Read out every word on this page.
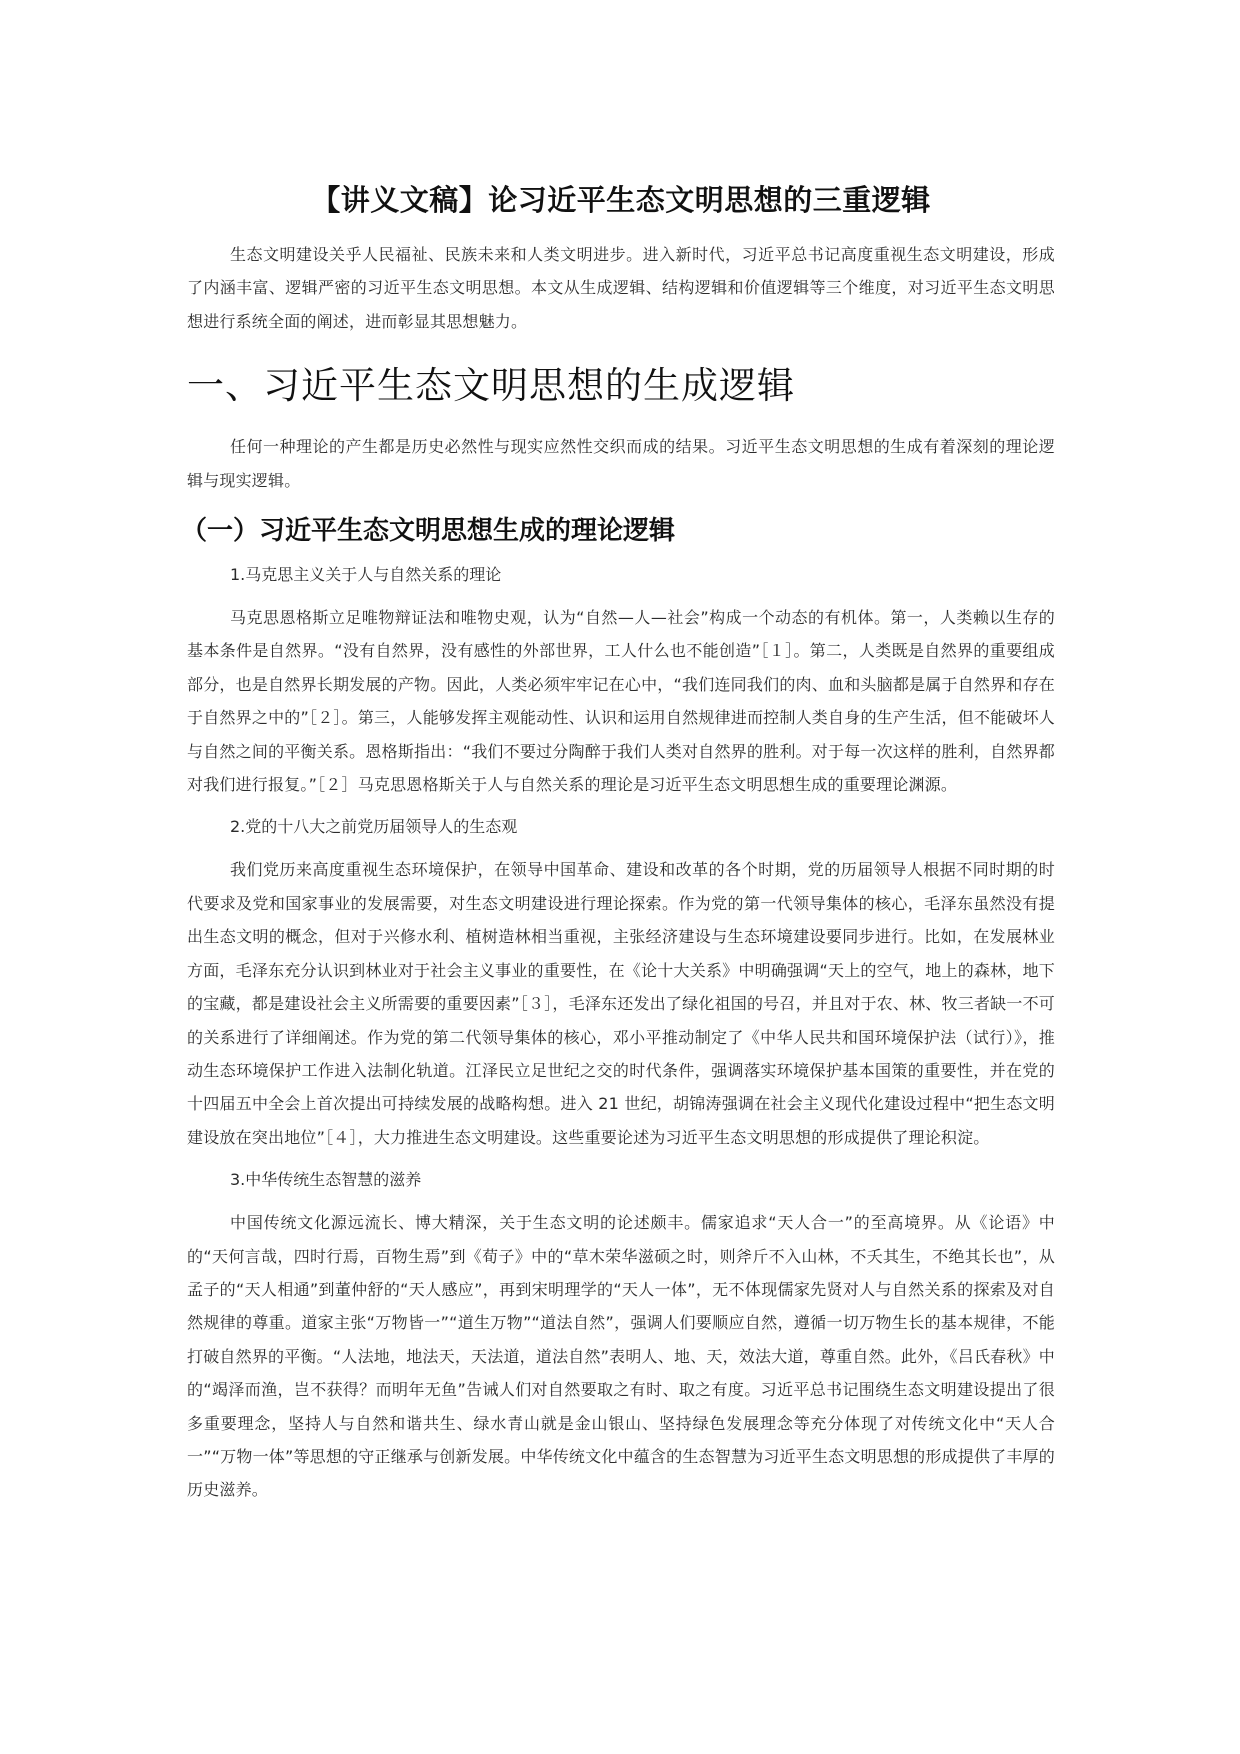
【讲义文稿】论习近平生态文明思想的三重逻辑

生态文明建设关乎人民福祉、民族未来和人类文明进步。进入新时代，习近平总书记高度重视生态文明建设，形成了内涵丰富、逻辑严密的习近平生态文明思想。本文从生成逻辑、结构逻辑和价值逻辑等三个维度，对习近平生态文明思想进行系统全面的阐述，进而彰显其思想魅力。

一、习近平生态文明思想的生成逻辑

任何一种理论的产生都是历史必然性与现实应然性交织而成的结果。习近平生态文明思想的生成有着深刻的理论逻辑与现实逻辑。

（一）习近平生态文明思想生成的理论逻辑
1.马克思主义关于人与自然关系的理论

马克思恩格斯立足唯物辩证法和唯物史观，认为“自然—人—社会”构成一个动态的有机体。第一，人类赖以生存的基本条件是自然界。“没有自然界，没有感性的外部世界，工人什么也不能创造”［１］。第二，人类既是自然界的重要组成部分，也是自然界长期发展的产物。因此，人类必须牢牢记在心中，“我们连同我们的肉、血和头脑都是属于自然界和存在于自然界之中的”［２］。第三，人能够发挥主观能动性、认识和运用自然规律进而控制人类自身的生产生活，但不能破坏人与自然之间的平衡关系。恩格斯指出：“我们不要过分陶醉于我们人类对自然界的胜利。对于每一次这样的胜利，自然界都对我们进行报复。”［２］马克思恩格斯关于人与自然关系的理论是习近平生态文明思想生成的重要理论渊源。

2.党的十八大之前党历届领导人的生态观

我们党历来高度重视生态环境保护，在领导中国革命、建设和改革的各个时期，党的历届领导人根据不同时期的时代要求及党和国家事业的发展需要，对生态文明建设进行理论探索。作为党的第一代领导集体的核心，毛泽东虽然没有提出生态文明的概念，但对于兴修水利、植树造林相当重视，主张经济建设与生态环境建设要同步进行。比如，在发展林业方面，毛泽东充分认识到林业对于社会主义事业的重要性，在《论十大关系》中明确强调“天上的空气，地上的森林，地下的宝藏，都是建设社会主义所需要的重要因素”［３］，毛泽东还发出了绿化祖国的号召，并且对于农、林、牧三者缺一不可的关系进行了详细阐述。作为党的第二代领导集体的核心，邓小平推动制定了《中华人民共和国环境保护法（试行）》，推动生态环境保护工作进入法制化轨道。江泽民立足世纪之交的时代条件，强调落实环境保护基本国策的重要性，并在党的十四届五中全会上首次提出可持续发展的战略构想。进入 21 世纪，胡锦涛强调在社会主义现代化建设过程中“把生态文明建设放在突出地位”［４］，大力推进生态文明建设。这些重要论述为习近平生态文明思想的形成提供了理论积淀。

3.中华传统生态智慧的滋养

中国传统文化源远流长、博大精深，关于生态文明的论述颇丰。儒家追求“天人合一”的至高境界。从《论语》中的“天何言哉，四时行焉，百物生焉”到《荀子》中的“草木荣华滋硕之时，则斧斤不入山林，不夭其生，不绝其长也”，从孟子的“天人相通”到董仲舒的“天人感应”，再到宋明理学的“天人一体”，无不体现儒家先贤对人与自然关系的探索及对自然规律的尊重。道家主张“万物皆一”“道生万物”“道法自然”，强调人们要顺应自然，遵循一切万物生长的基本规律，不能打破自然界的平衡。“人法地，地法天，天法道，道法自然”表明人、地、天，效法大道，尊重自然。此外，《吕氏春秋》中的“竭泽而渔，岂不获得？而明年无鱼”告诫人们对自然要取之有时、取之有度。习近平总书记围绕生态文明建设提出了很多重要理念，坚持人与自然和谐共生、绿水青山就是金山银山、坚持绿色发展理念等充分体现了对传统文化中“天人合一”“万物一体”等思想的守正继承与创新发展。中华传统文化中蕴含的生态智慧为习近平生态文明思想的形成提供了丰厚的历史滋养。
